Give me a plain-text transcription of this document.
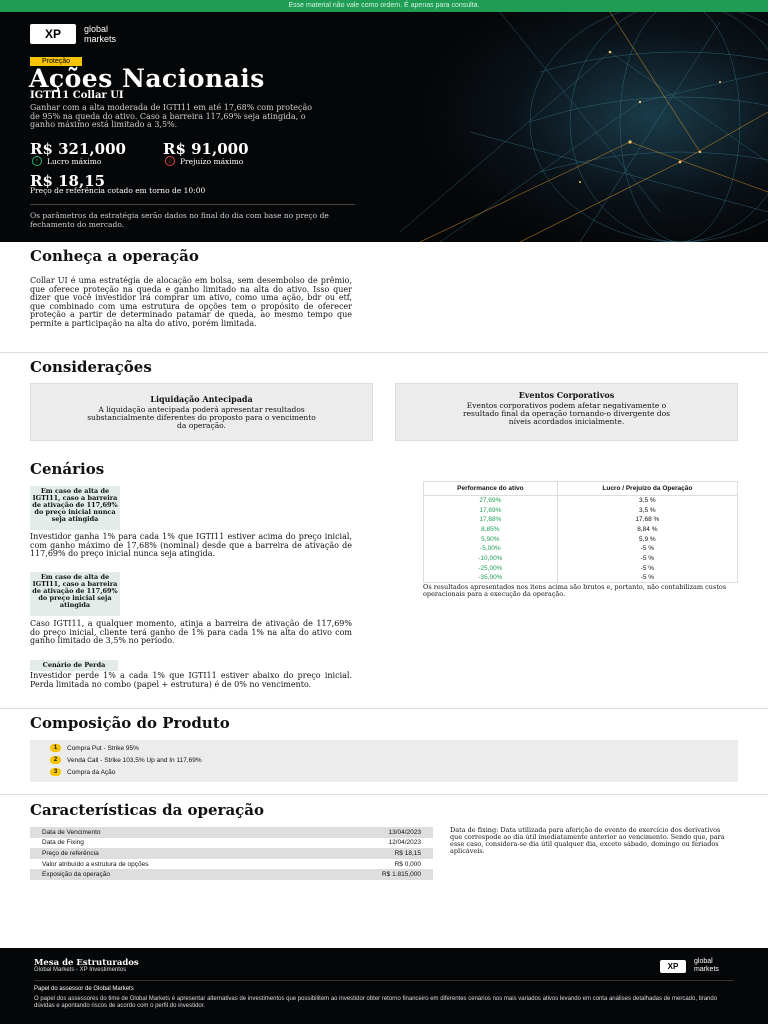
Esse material não vale como ordem. É apenas para consulta.
XP	global
markets
Proteção
Ações Nacionais
IGTI11 Collar UI
Ganhar com a alta moderada de IGTI11 em até 17,68% com proteção de 95% na queda do ativo. Caso a barreira 117,69% seja atingida, o ganho máximo está limitado a 3,5%.
R$ 321,000
↑	Lucro máximo
R$ 91,000
↓	Prejuízo máximo
R$ 18,15
Preço de referência cotado em torno de 10:00
Os parâmetros da estratégia serão dados no final do dia com base no preço de fechamento do mercado.
Conheça a operação
Collar UI é uma estratégia de alocação em bolsa, sem desembolso de prêmio, que oferece proteção na queda e ganho limitado na alta do ativo. Isso quer dizer que você investidor irá comprar um ativo, como uma ação, bdr ou etf, que combinado com uma estrutura de opções tem o propósito de oferecer proteção a partir de determinado patamar de queda, ao mesmo tempo que permite a participação na alta do ativo, porém limitada.
Considerações
Liquidação Antecipada

A liquidação antecipada poderá apresentar resultados substancialmente diferentes do proposto para o vencimento da operação.

Eventos Corporativos

Eventos corporativos podem afetar negativamente o resultado final da operação tornando-o divergente dos níveis acordados inicialmente.

Cenários
Em caso de alta de IGTI11, caso a barreira de ativação de 117,69% do preço inicial nunca seja atingida
Investidor ganha 1% para cada 1% que IGTI11 estiver acima do preço inicial, com ganho máximo de 17,68% (nominal) desde que a barreira de ativação de 117,69% do preço inicial nunca seja atingida.
Em caso de alta de IGTI11, caso a barreira de ativação de 117,69% do preço inicial seja atingida
Caso IGTI11, a qualquer momento, atinja a barreira de ativação de 117,69% do preço inicial, cliente terá ganho de 1% para cada 1% na alta do ativo com ganho limitado de 3,5% no período.
Cenário de Perda
Investidor perde 1% a cada 1% que IGTI11 estiver abaixo do preço inicial. Perda limitada no combo (papel + estrutura) é de 0% no vencimento.
Performance do ativo	Lucro / Prejuízo da Operação
27,69%	3,5 %
17,69%	3,5 %
17,68%	17,68 %
8,85%	8,84 %
5,90%	5,9 %
-5,00%	-5 %
-10,00%	-5 %
-25,00%	-5 %
-35,00%	-5 %
Os resultados apresentados nos itens acima são brutos e, portanto, não contabilizam custos operacionais para a execução da operação.
Composição do Produto
1	Compra Put - Strike 95%
2	Venda Call - Strike 103,5% Up and In 117,69%
3	Compra da Ação
Características da operação
Data de Vencimento	13/04/2023
Data de Fixing	12/04/2023
Preço de referência	R$ 18,15
Valor atribuído a estrutura de opções	R$ 0,000
Exposição da operação	R$ 1.815,000
Data de fixing: Data utilizada para aferição de evento de exercício dos derivativos que correspode ao dia útil imediatamente anterior ao vencimento. Sendo que, para esse caso, considera-se dia útil qualquer dia, exceto sábado, domingo ou feriados aplicáveis.
Mesa de Estruturados
Global Markets - XP Investimentos	XP	global
markets
Papel do assessor de Global Markets
O papel dos assessores do time de Global Markets é apresentar alternativas de investimentos que possibilitem ao investidor obter retorno financeiro em diferentes cenários nos mais variados ativos levando em conta análises detalhadas de mercado, tirando dúvidas e apontando riscos de acordo com o perfil do investidor.
